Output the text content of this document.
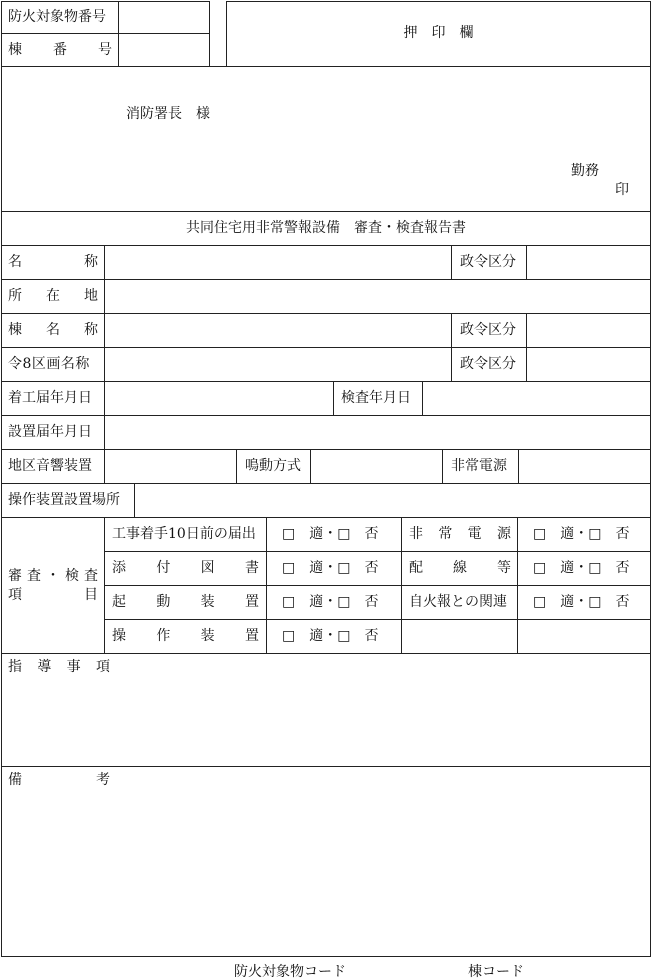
防火対象物番号
棟 番 号
押　印　欄
消防署長　様
勤務
印
共同住宅用非常警報設備　審査・検査報告書
名	称	政令区分
所 在 地
棟 名 称	政令区分
令8区画名称	政令区分
着工届年月日	検査年月日
設置届年月日
地区音響装置	鳴動方式	非常電源
操作装置設置場所
審 査 ・ 検 査
項	目
工事着手10日前の届出 □　適・□　否 非 常 電 源 □　適・□　否
添 付 図 書 □　適・□　否 配 線 等 □　適・□　否
起 動 装 置 □　適・□　否 自火報との関連 □　適・□　否
操 作 装 置 □　適・□　否
指 導 事 項
備	考
防火対象物コード	棟コード
